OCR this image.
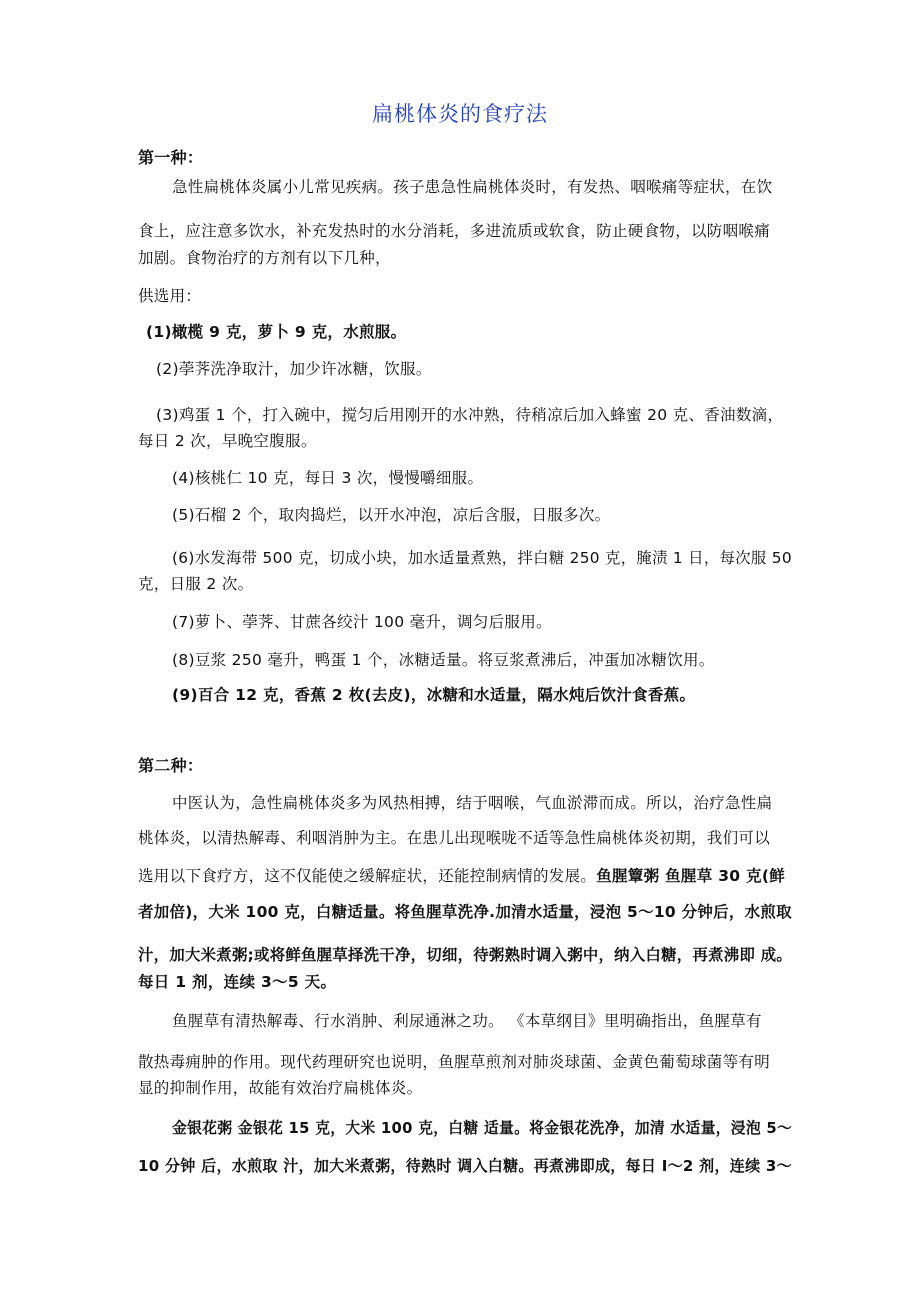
扁桃体炎的食疗法

第一种：

急性扁桃体炎属小儿常见疾病。孩子患急性扁桃体炎时，有发热、咽喉痛等症状，在饮

食上，应注意多饮水，补充发热时的水分消耗，多进流质或软食，防止硬食物，以防咽喉痛

加剧。食物治疗的方剂有以下几种，

供选用：

(1)橄榄 9 克，萝卜 9 克，水煎服。

(2)荸荠洗净取汁，加少许冰糖，饮服。

(3)鸡蛋 1 个，打入碗中，搅匀后用刚开的水冲熟，待稍凉后加入蜂蜜 20 克、香油数滴，

每日 2 次，早晚空腹服。

(4)核桃仁 10 克，每日 3 次，慢慢嚼细服。

(5)石榴 2 个，取肉捣烂，以开水冲泡，凉后含服，日服多次。

(6)水发海带 500 克，切成小块，加水适量煮熟，拌白糖 250 克，腌渍 1 日，每次服 50

克，日服 2 次。

(7)萝卜、荸荠、甘蔗各绞汁 100 毫升，调匀后服用。

(8)豆浆 250 毫升，鸭蛋 1 个，冰糖适量。将豆浆煮沸后，冲蛋加冰糖饮用。

(9)百合 12 克，香蕉 2 枚(去皮)，冰糖和水适量，隔水炖后饮汁食香蕉。

第二种：

中医认为，急性扁桃体炎多为风热相搏，结于咽喉，气血淤滞而成。所以，治疗急性扁

桃体炎，以清热解毒、利咽消肿为主。在患儿出现喉咙不适等急性扁桃体炎初期，我们可以

选用以下食疗方，这不仅能使之缓解症状，还能控制病情的发展。鱼腥簟粥 鱼腥草 30 克(鲜

者加倍)，大米 100 克，白糖适量。将鱼腥草洗净.加清水适量，浸泡 5～10 分钟后，水煎取

汁，加大米煮粥;或将鲜鱼腥草择洗干净，切细，待粥熟时调入粥中，纳入白糖，再煮沸即 成。

每日 1 剂，连续 3～5 天。

鱼腥草有清热解毒、行水消肿、利尿通淋之功。 《本草纲目》里明确指出，鱼腥草有

散热毒痈肿的作用。现代药理研究也说明，鱼腥草煎剂对肺炎球菌、金黄色葡萄球菌等有明

显的抑制作用，故能有效治疗扁桃体炎。

金银花粥 金银花 15 克，大米 100 克，白糖 适量。将金银花洗净，加清 水适量，浸泡 5～

10 分钟 后，水煎取 汁，加大米煮粥，待熟时 调入白糖。再煮沸即成，每日 I～2 剂，连续 3～
